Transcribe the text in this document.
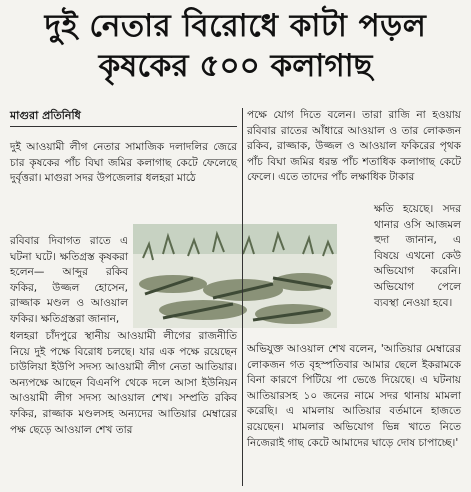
দুই নেতার বিরোধে কাটা পড়ল
কৃষকের ৫০০ কলাগাছ
মাগুরা প্রতিনিধি
দুই আওয়ামী লীগ নেতার সামাজিক দলাদলির জেরে চার কৃষকের পাঁচ বিঘা জমির কলাগাছ কেটে ফেলেছে দুর্বৃত্তরা। মাগুরা সদর উপজেলার ধলহরা মাঠে
রবিবার দিবাগত রাতে এ ঘটনা ঘটে। ক্ষতিগ্রস্ত কৃষকরা হলেন— আব্দুর রকিব ফকির, উজ্জল হোসেন, রাজ্জাক মণ্ডল ও আওয়াল ফকির। ক্ষতিগ্রস্তরা জানান,
ধলহরা চাঁদপুরে স্থানীয় আওয়ামী লীগের রাজনীতি নিয়ে দুই পক্ষে বিরোধ চলছে। যার এক পক্ষে রয়েছেন চাউলিয়া ইউপি সদস্য আওয়ামী লীগ নেতা আতিয়ার। অন্যপক্ষে আছেন বিএনপি থেকে দলে আসা ইউনিয়ন আওয়ামী লীগ সদস্য আওয়াল শেখ। সম্প্রতি রকিব ফকির, রাজ্জাক মণ্ডলসহ অন্যদের আতিয়ার মেম্বারের পক্ষ ছেড়ে আওয়াল শেখ তার
পক্ষে যোগ দিতে বলেন। তারা রাজি না হওয়ায় রবিবার রাতের আঁধারে আওয়াল ও তার লোকজন রকিব, রাজ্জাক, উজ্জল ও আওয়াল ফকিরের পৃথক পাঁচ বিঘা জমির ধরন্ত পাঁচ শতাধিক কলাগাছ কেটে ফেলে। এতে তাদের পাঁচ লক্ষাধিক টাকার
ক্ষতি হয়েছে। সদর থানার ওসি আজমল হুদা জানান, এ বিষয়ে এখনো কেউ অভিযোগ করেনি। অভিযোগ পেলে ব্যবস্থা নেওয়া হবে।
অভিযুক্ত আওয়াল শেখ বলেন, 'আতিয়ার মেম্বারের লোকজন গত বৃহস্পতিবার আমার ছেলে ইকরামকে বিনা কারণে পিটিয়ে পা ভেঙে দিয়েছে। এ ঘটনায় আতিয়ারসহ ১০ জনের নামে সদর থানায় মামলা করেছি। এ মামলায় আতিয়ার বর্তমানে হাজতে রয়েছেন। মামলার অভিযোগ ভিন্ন খাতে নিতে নিজেরাই গাছ কেটে আমাদের ঘাড়ে দোষ চাপাচ্ছে।'
